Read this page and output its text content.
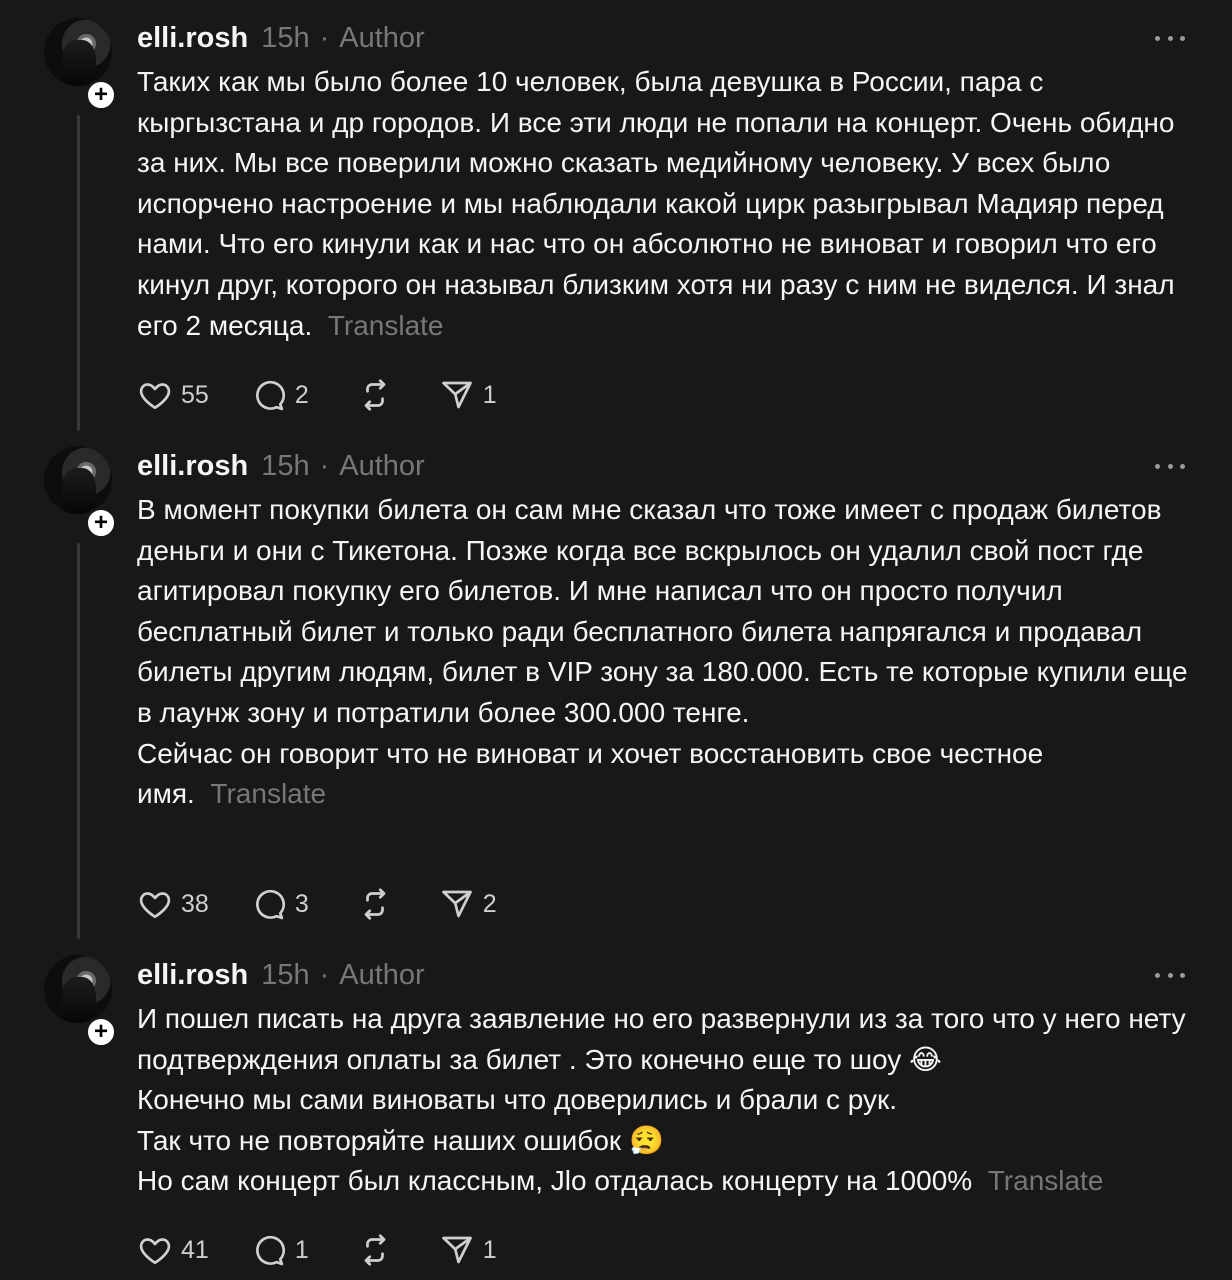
+
elli.rosh 15h · Author

Таких как мы было более 10 человек, была девушка в России, пара с кыргызстана и др городов. И все эти люди не попали на концерт. Очень обидно за них. Мы все поверили можно сказать медийному человеку. У всех было испорчено настроение и мы наблюдали какой цирк разыгрывал Мадияр перед нами. Что его кинули как и нас что он абсолютно не виноват и говорил что его кинул друг, которого он называл близким хотя ни разу с ним не виделся. И знал его 2 месяца. Translate

55	2	1
+
elli.rosh 15h · Author

В момент покупки билета он сам мне сказал что тоже имеет с продаж билетов деньги и они с Тикетона. Позже когда все вскрылось он удалил свой пост где агитировал покупку его билетов. И мне написал что он просто получил бесплатный билет и только ради бесплатного билета напрягался и продавал билеты другим людям, билет в VIP зону за 180.000. Есть те которые купили еще в лаунж зону и потратили более 300.000 тенге.

Сейчас он говорит что не виноват и хочет восстановить свое честное имя. Translate

38	3	2
+
elli.rosh 15h · Author

И пошел писать на друга заявление но его развернули из за того что у него нету подтверждения оплаты за билет . Это конечно еще то шоу 😂

Конечно мы сами виноваты что доверились и брали с рук.

Так что не повторяйте наших ошибок 😮‍💨

Но сам концерт был классным, Jlo отдалась концерту на 1000% Translate

41	1	1
